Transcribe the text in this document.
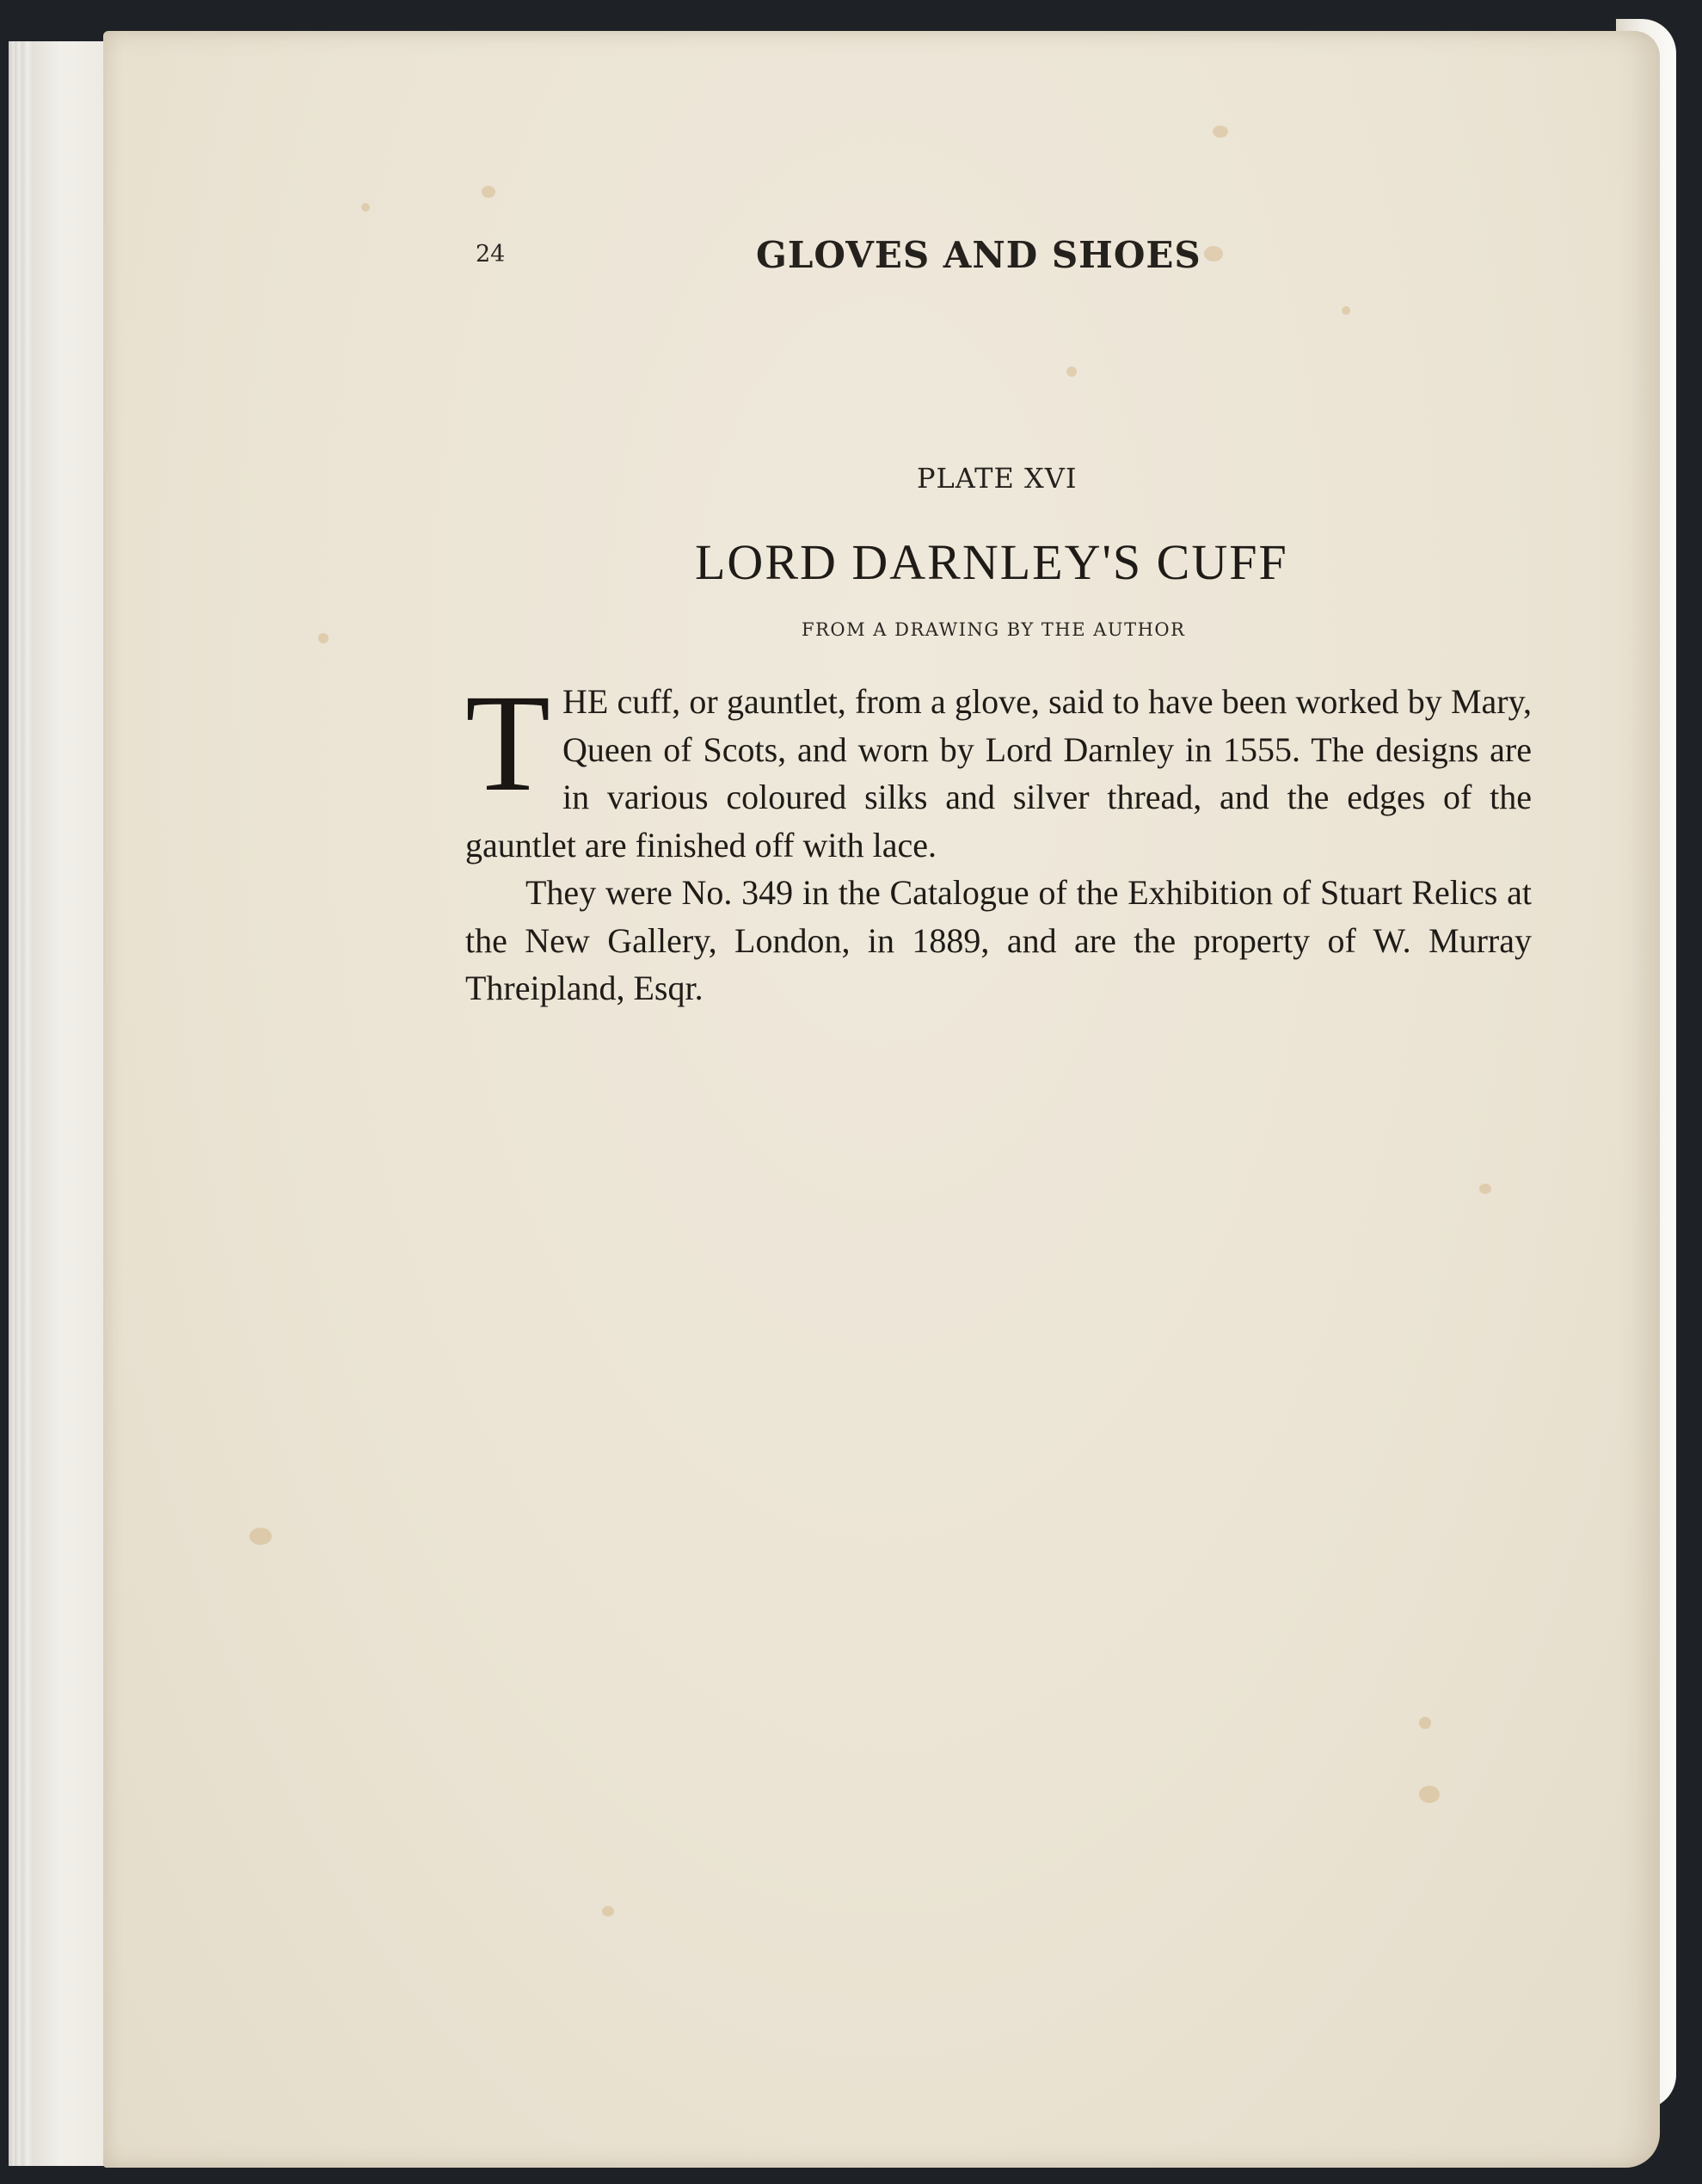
24	GLOVES AND SHOES
PLATE XVI
LORD DARNLEY'S CUFF
FROM A DRAWING BY THE AUTHOR

THE cuff, or gauntlet, from a glove, said to have been worked by Mary, Queen of Scots, and worn by Lord Darnley in 1555. The designs are in various coloured silks and silver thread, and the edges of the gauntlet are finished off with lace.

They were No. 349 in the Catalogue of the Exhibition of Stuart Relics at the New Gallery, London, in 1889, and are the property of W. Murray Threipland, Esqr.
